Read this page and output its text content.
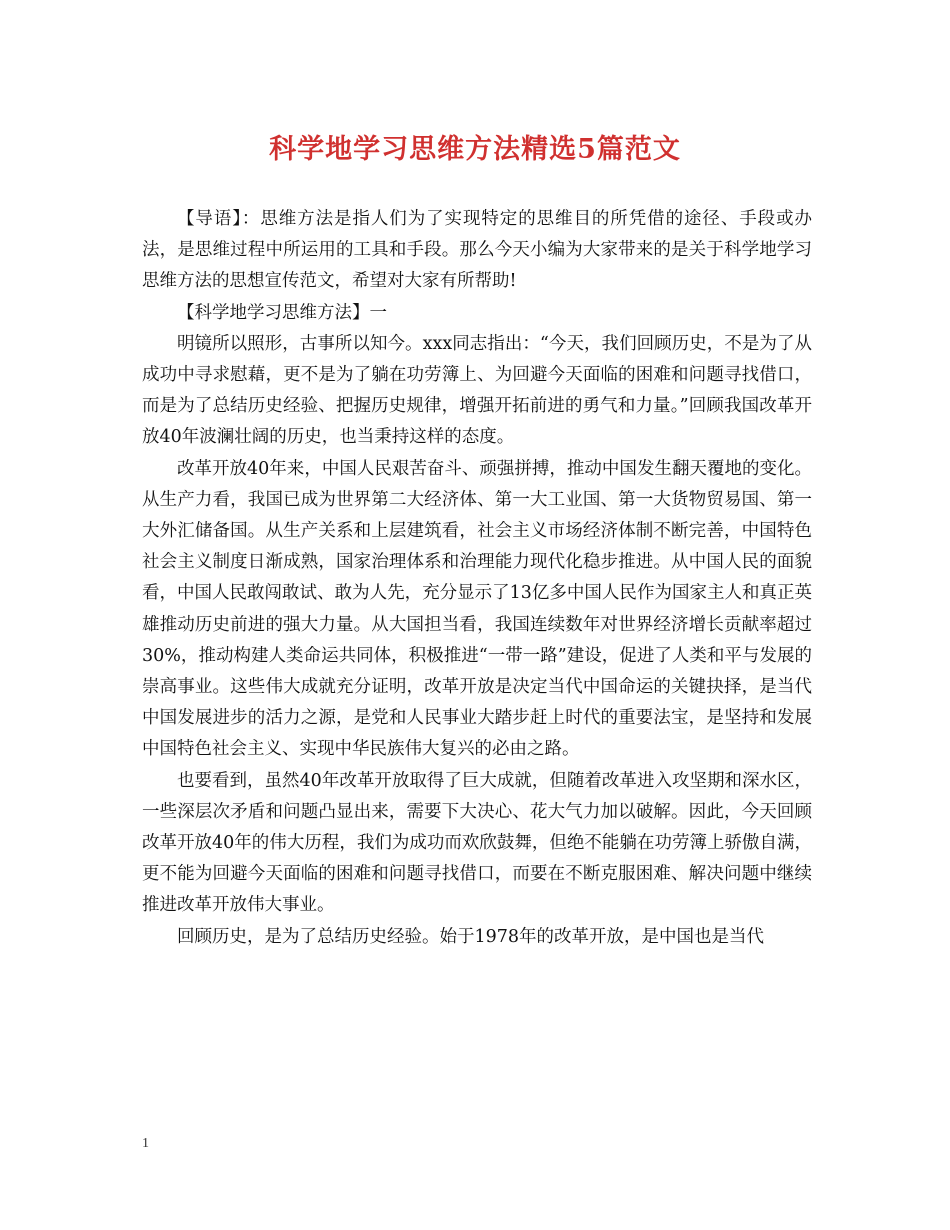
科学地学习思维方法精选5篇范文

【导语】：思维方法是指人们为了实现特定的思维目的所凭借的途径、手段或办法，是思维过程中所运用的工具和手段。那么今天小编为大家带来的是关于科学地学习思维方法的思想宣传范文，希望对大家有所帮助!

【科学地学习思维方法】一

明镜所以照形，古事所以知今。xxx同志指出：“今天，我们回顾历史，不是为了从成功中寻求慰藉，更不是为了躺在功劳簿上、为回避今天面临的困难和问题寻找借口，而是为了总结历史经验、把握历史规律，增强开拓前进的勇气和力量。”回顾我国改革开放40年波澜壮阔的历史，也当秉持这样的态度。

改革开放40年来，中国人民艰苦奋斗、顽强拼搏，推动中国发生翻天覆地的变化。从生产力看，我国已成为世界第二大经济体、第一大工业国、第一大货物贸易国、第一大外汇储备国。从生产关系和上层建筑看，社会主义市场经济体制不断完善，中国特色社会主义制度日渐成熟，国家治理体系和治理能力现代化稳步推进。从中国人民的面貌看，中国人民敢闯敢试、敢为人先，充分显示了13亿多中国人民作为国家主人和真正英雄推动历史前进的强大力量。从大国担当看，我国连续数年对世界经济增长贡献率超过30%，推动构建人类命运共同体，积极推进“一带一路”建设，促进了人类和平与发展的崇高事业。这些伟大成就充分证明，改革开放是决定当代中国命运的关键抉择，是当代中国发展进步的活力之源，是党和人民事业大踏步赶上时代的重要法宝，是坚持和发展中国特色社会主义、实现中华民族伟大复兴的必由之路。

也要看到，虽然40年改革开放取得了巨大成就，但随着改革进入攻坚期和深水区，一些深层次矛盾和问题凸显出来，需要下大决心、花大气力加以破解。因此，今天回顾改革开放40年的伟大历程，我们为成功而欢欣鼓舞，但绝不能躺在功劳簿上骄傲自满，更不能为回避今天面临的困难和问题寻找借口，而要在不断克服困难、解决问题中继续推进改革开放伟大事业。

回顾历史，是为了总结历史经验。始于1978年的改革开放，是中国也是当代

1
